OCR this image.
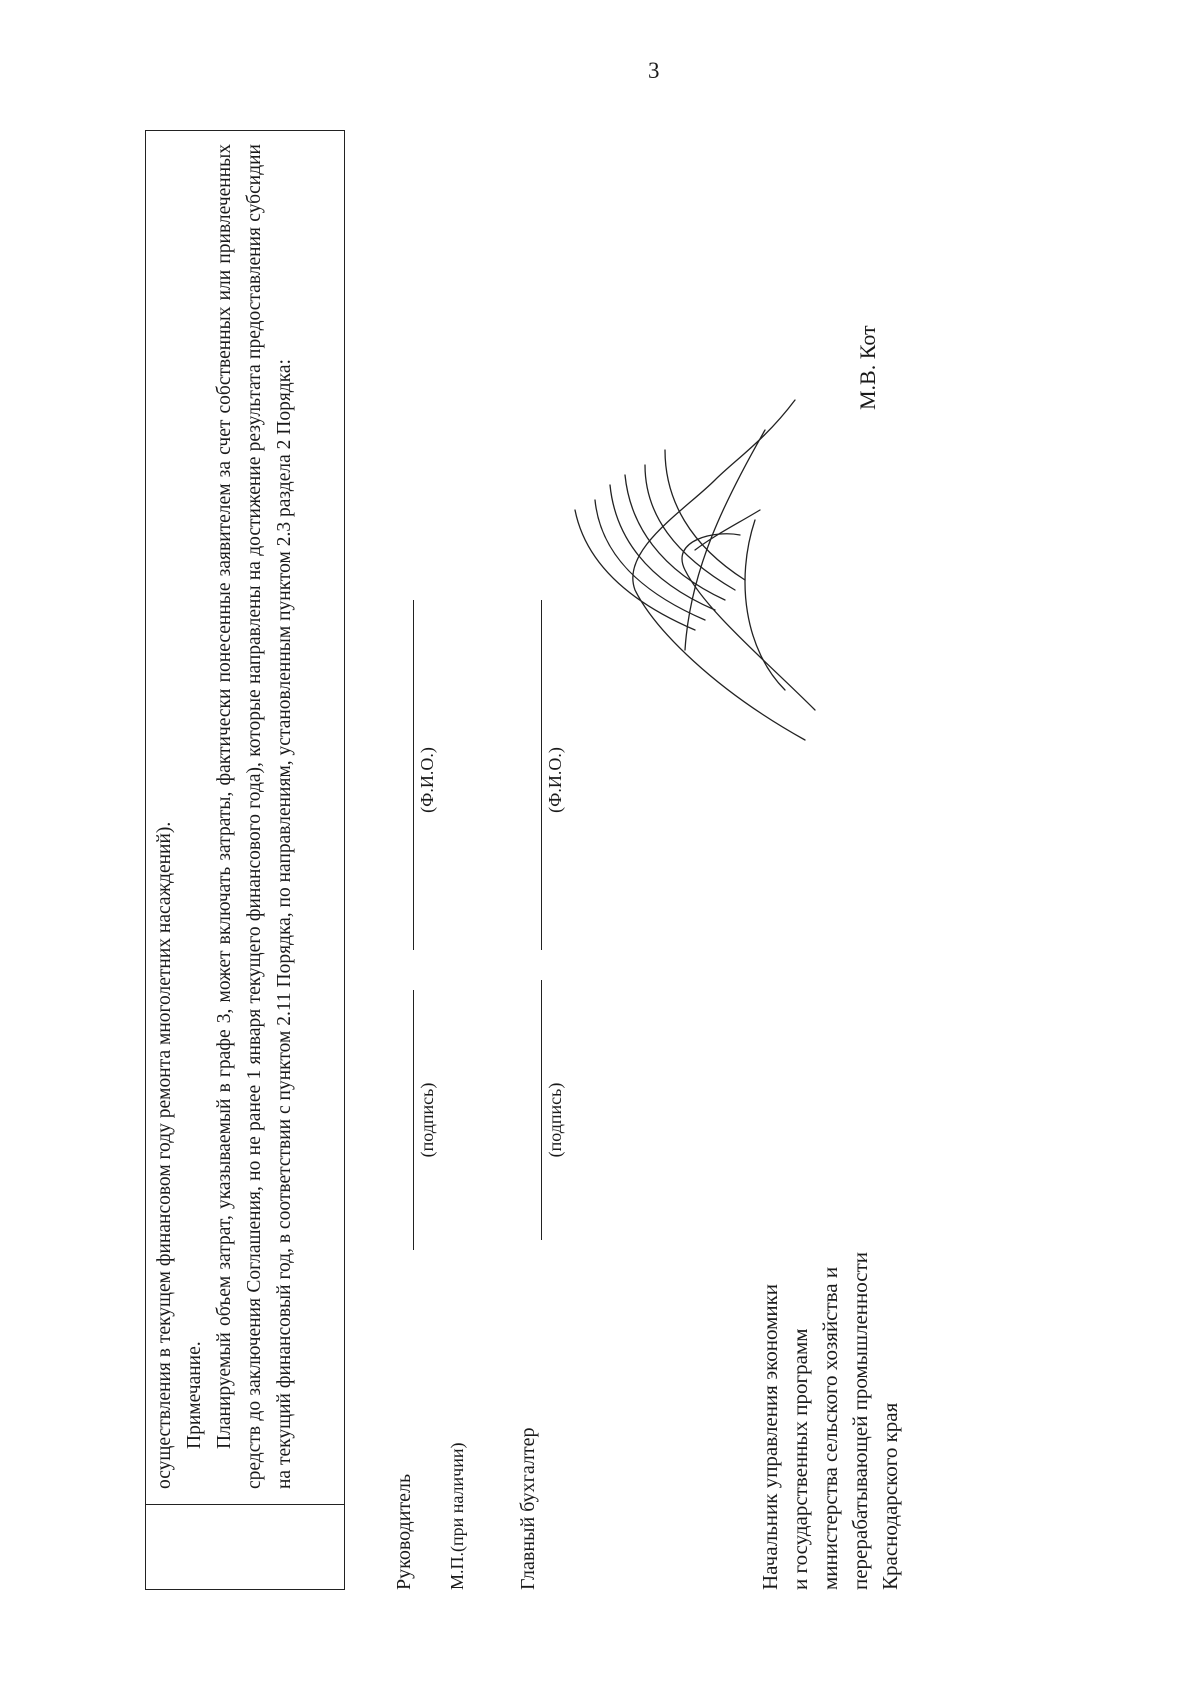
3

осуществления в текущем финансовом году ремонта многолетних насаждений). Примечание. Планируемый объем затрат, указываемый в графе 3, может включать затраты, фактически понесенные заявителем за счет собственных или привлеченных средств до заключения Соглашения, но не ранее 1 января текущего финансового года), которые направлены на достижение результата предоставления субсидии на текущий финансовый год, в соответствии с пунктом 2.11 Порядка, по направлениям, установленным пунктом 2.3 раздела 2 Порядка:

Руководитель
(подпись)
(Ф.И.О.)
М.П.(при наличии)	Главный бухгалтер
(подпись)
(Ф.И.О.)
Начальник управления экономики и государственных программ министерства сельского хозяйства и перерабатывающей промышленности Краснодарского края
М.В. Кот
